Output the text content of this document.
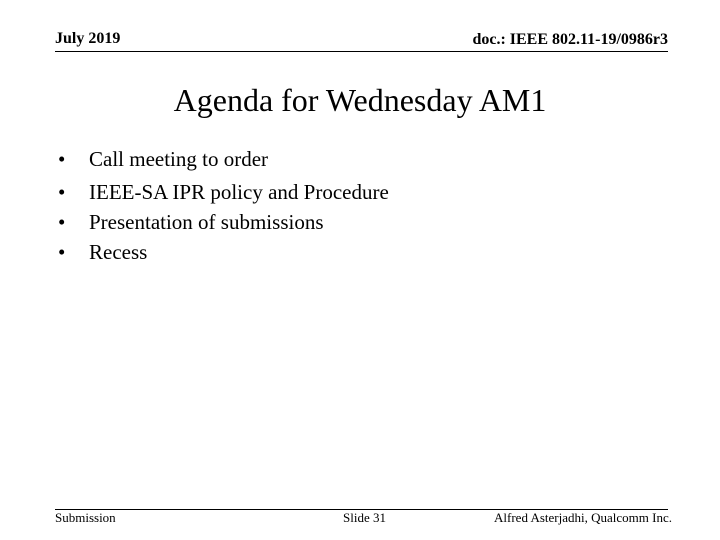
July 2019	doc.: IEEE 802.11-19/0986r3
Agenda for Wednesday AM1
•	Call meeting to order
•	IEEE-SA IPR policy and Procedure
•	Presentation of submissions
•	Recess
Submission	Slide 31	Alfred Asterjadhi, Qualcomm Inc.
